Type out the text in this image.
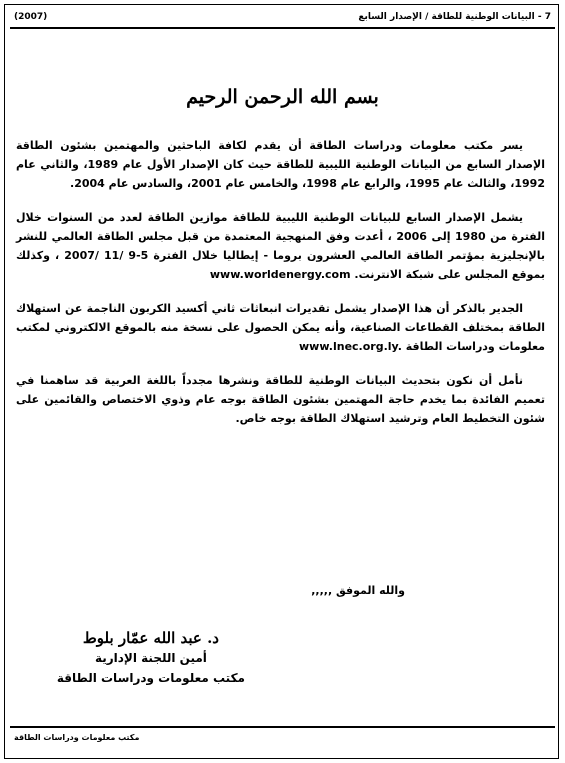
7 - البيانات الوطنية للطاقة / الإصدار السابع
(2007)
بسم الله الرحمن الرحيم

يسر مكتب معلومات ودراسات الطاقة أن يقدم لكافة الباحثين والمهتمين بشئون الطاقة الإصدار السابع من البيانات الوطنية الليبية للطاقة حيث كان الإصدار الأول عام 1989، والثاني عام 1992، والثالث عام 1995، والرابع عام 1998، والخامس عام 2001، والسادس عام 2004.

يشمل الإصدار السابع للبيانات الوطنية الليبية للطاقة موازين الطاقة لعدد من السنوات خلال الفترة من 1980 إلى 2006 ، أعدت وفق المنهجية المعتمدة من قبل مجلس الطاقة العالمي للنشر بالإنجليزية بمؤتمر الطاقة العالمي العشرون بروما - إيطاليا خلال الفترة 5-9 /11 /2007 ، وكذلك بموقع المجلس على شبكة الانترنت. www.worldenergy.com

الجدير بالذكر أن هذا الإصدار يشمل تقديرات انبعاثات ثاني أكسيد الكربون الناجمة عن استهلاك الطاقة بمختلف القطاعات الصناعية، وأنه يمكن الحصول على نسخة منه بالموقع الالكتروني لمكتب معلومات ودراسات الطاقة www.lnec.org.ly.

نأمل أن نكون بتحديث البيانات الوطنية للطاقة ونشرها مجدداً باللغة العربية قد ساهمنا في تعميم الفائدة بما يخدم حاجة المهتمين بشئون الطاقة بوجه عام وذوي الاختصاص والقائمين على شئون التخطيط العام وترشيد استهلاك الطاقة بوجه خاص.

والله الموفق ,,,,,
د. عبد الله عمّار بلوط
أمين اللجنة الإدارية
مكتب معلومات ودراسات الطاقة
مكتب معلومات ودراسات الطاقة
